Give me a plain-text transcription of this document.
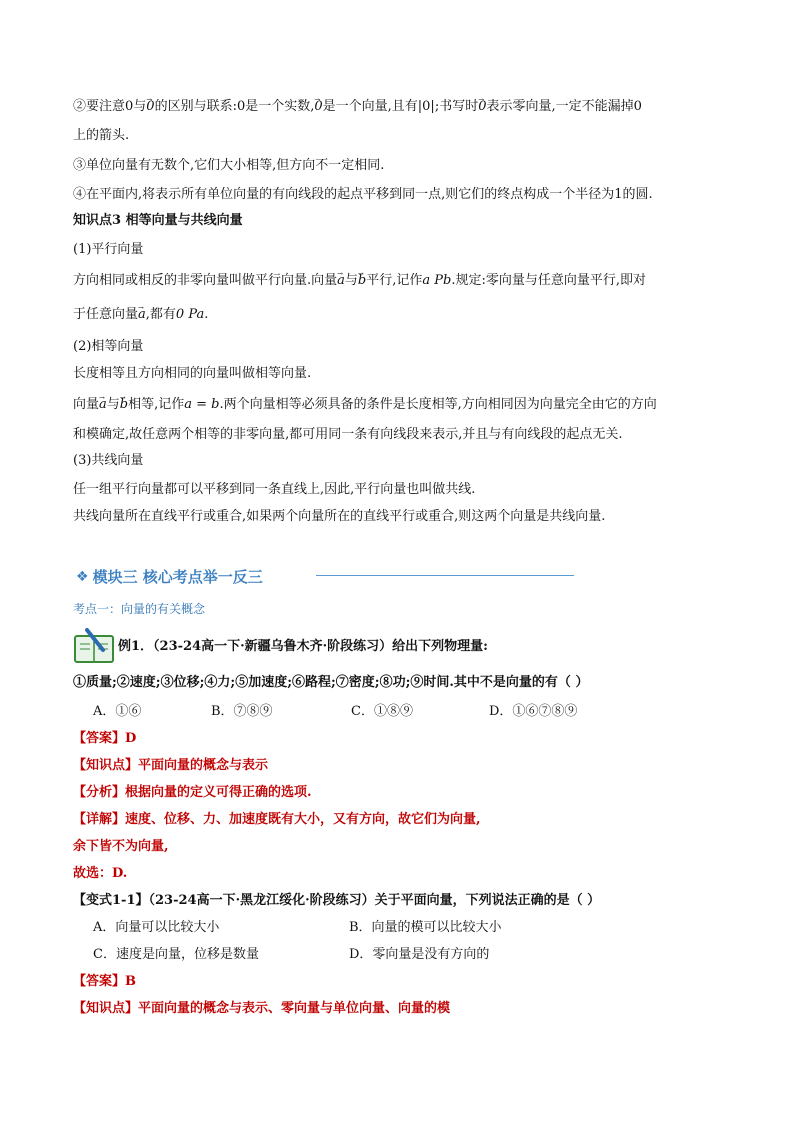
②要注意0与→ 0的区别与联系:0是一个实数,→ 0是一个向量,且有|0|;书写时→ 0表示零向量,一定不能漏掉0
上的箭头.
③单位向量有无数个,它们大小相等,但方向不一定相同.
④在平面内,将表示所有单位向量的有向线段的起点平移到同一点,则它们的终点构成一个半径为1的圆.
知识点3 相等向量与共线向量
(1)平行向量
方向相同或相反的非零向量叫做平行向量.向量→ a与→ b平行,记作a Pb.规定:零向量与任意向量平行,即对
于任意向量→ a,都有0 Pa.
(2)相等向量
长度相等且方向相同的向量叫做相等向量.
向量→ a与→ b相等,记作a = b.两个向量相等必须具备的条件是长度相等,方向相同因为向量完全由它的方向
和模确定,故任意两个相等的非零向量,都可用同一条有向线段来表示,并且与有向线段的起点无关.
(3)共线向量
任一组平行向量都可以平移到同一条直线上,因此,平行向量也叫做共线.
共线向量所在直线平行或重合,如果两个向量所在的直线平行或重合,则这两个向量是共线向量.
❖ 模块三 核心考点举一反三
考点一：向量的有关概念
例1．（23-24高一下·新疆乌鲁木齐·阶段练习）给出下列物理量:
①质量;②速度;③位移;④力;⑤加速度;⑥路程;⑦密度;⑧功;⑨时间.其中不是向量的有（ ）
A．①⑥	B．⑦⑧⑨	C．①⑧⑨	D．①⑥⑦⑧⑨
【答案】D
【知识点】平面向量的概念与表示
【分析】根据向量的定义可得正确的选项.
【详解】速度、位移、力、加速度既有大小，又有方向，故它们为向量,
余下皆不为向量,
故选：D.
【变式1-1】（23-24高一下·黑龙江绥化·阶段练习）关于平面向量，下列说法正确的是（ ）
A．向量可以比较大小	B．向量的模可以比较大小
C．速度是向量，位移是数量	D．零向量是没有方向的
【答案】B
【知识点】平面向量的概念与表示、零向量与单位向量、向量的模
